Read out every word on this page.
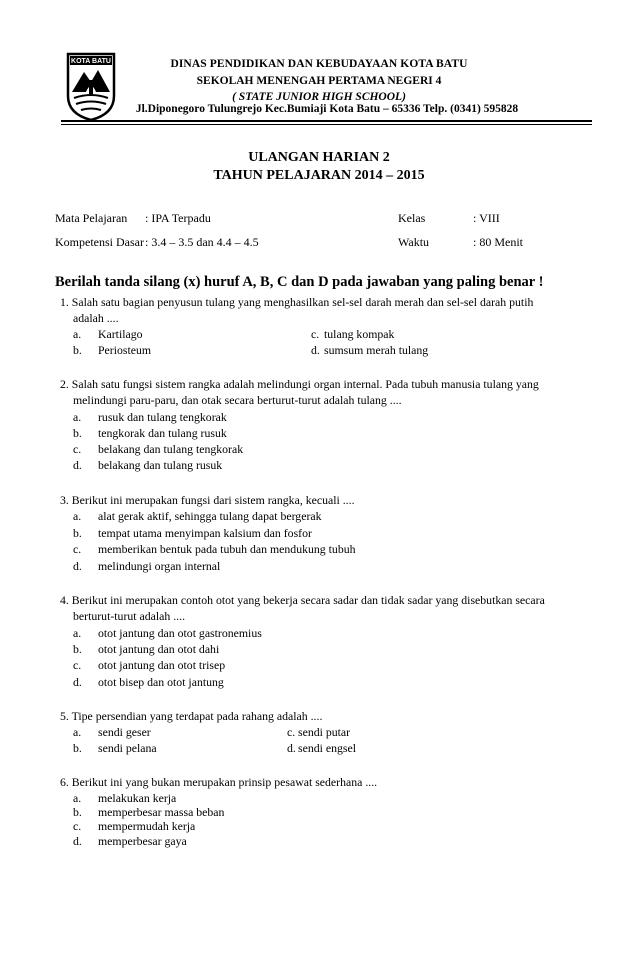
KOTA BATU	DINAS PENDIDIKAN DAN KEBUDAYAAN KOTA BATU
SEKOLAH MENENGAH PERTAMA NEGERI 4
( STATE JUNIOR HIGH SCHOOL)
Jl.Diponegoro Tulungrejo Kec.Bumiaji Kota Batu – 65336 Telp. (0341) 595828
ULANGAN HARIAN 2
TAHUN PELAJARAN 2014 – 2015
Mata Pelajaran : IPA Terpadu	Kelas	: VIII
Kompetensi Dasar : 3.4 – 3.5 dan 4.4 – 4.5	Waktu	: 80 Menit
Berilah tanda silang (x) huruf A, B, C dan D pada jawaban yang paling benar !
1. Salah satu bagian penyusun tulang yang menghasilkan sel-sel darah merah dan sel-sel darah putih
adalah ....
a. Kartilago
b. Periosteum
c. tulang kompak
d. sumsum merah tulang
2. Salah satu fungsi sistem rangka adalah melindungi organ internal. Pada tubuh manusia tulang yang
melindungi paru-paru, dan otak secara berturut-turut adalah tulang ....
a. rusuk dan tulang tengkorak
b. tengkorak dan tulang rusuk
c. belakang dan tulang tengkorak
d. belakang dan tulang rusuk
3. Berikut ini merupakan fungsi dari sistem rangka, kecuali ....
a. alat gerak aktif, sehingga tulang dapat bergerak
b. tempat utama menyimpan kalsium dan fosfor
c. memberikan bentuk pada tubuh dan mendukung tubuh
d. melindungi organ internal
4. Berikut ini merupakan contoh otot yang bekerja secara sadar dan tidak sadar yang disebutkan secara
berturut-turut adalah ....
a. otot jantung dan otot gastronemius
b. otot jantung dan otot dahi
c. otot jantung dan otot trisep
d. otot bisep dan otot jantung
5. Tipe persendian yang terdapat pada rahang adalah ....
a. sendi geser
b. sendi pelana
c. sendi putar
d. sendi engsel
6. Berikut ini yang bukan merupakan prinsip pesawat sederhana ....
a. melakukan kerja
b. memperbesar massa beban
c. mempermudah kerja
d. memperbesar gaya
